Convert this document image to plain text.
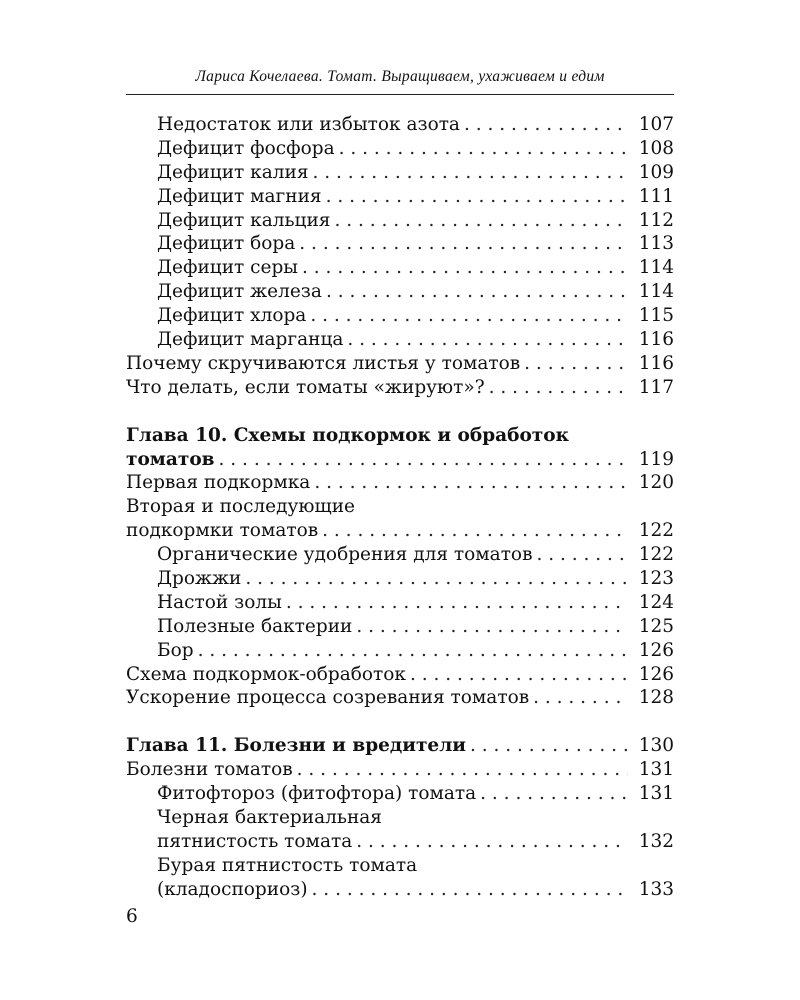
Лариса Кочелаева. Томат. Выращиваем, ухаживаем и едим
Недостаток или избыток азота . . .	107
Дефицит фосфора . . .	108
Дефицит калия . . .	109
Дефицит магния . . .	111
Дефицит кальция . . .	112
Дефицит бора . . .	113
Дефицит серы . . .	114
Дефицит железа . . .	114
Дефицит хлора . . .	115
Дефицит марганца . . .	116
Почему скручиваются листья у томатов . . .	116
Что делать, если томаты «жируют»? . . .	117
Глава 10. Схемы подкормок и обработок
томатов . . .	119
Первая подкормка . . .	120
Вторая и последующие
подкормки томатов . . .	122
Органические удобрения для томатов . . .	122
Дрожжи . . .	123
Настой золы . . .	124
Полезные бактерии . . .	125
Бор . . .	126
Схема подкормок-обработок . . .	126
Ускорение процесса созревания томатов . . .	128
Глава 11. Болезни и вредители . . .	130
Болезни томатов . . .	131
Фитофтороз (фитофтора) томата . . .	131
Черная бактериальная
пятнистость томата . . .	132
Бурая пятнистость томата
(кладоспориоз) . . .	133
6
